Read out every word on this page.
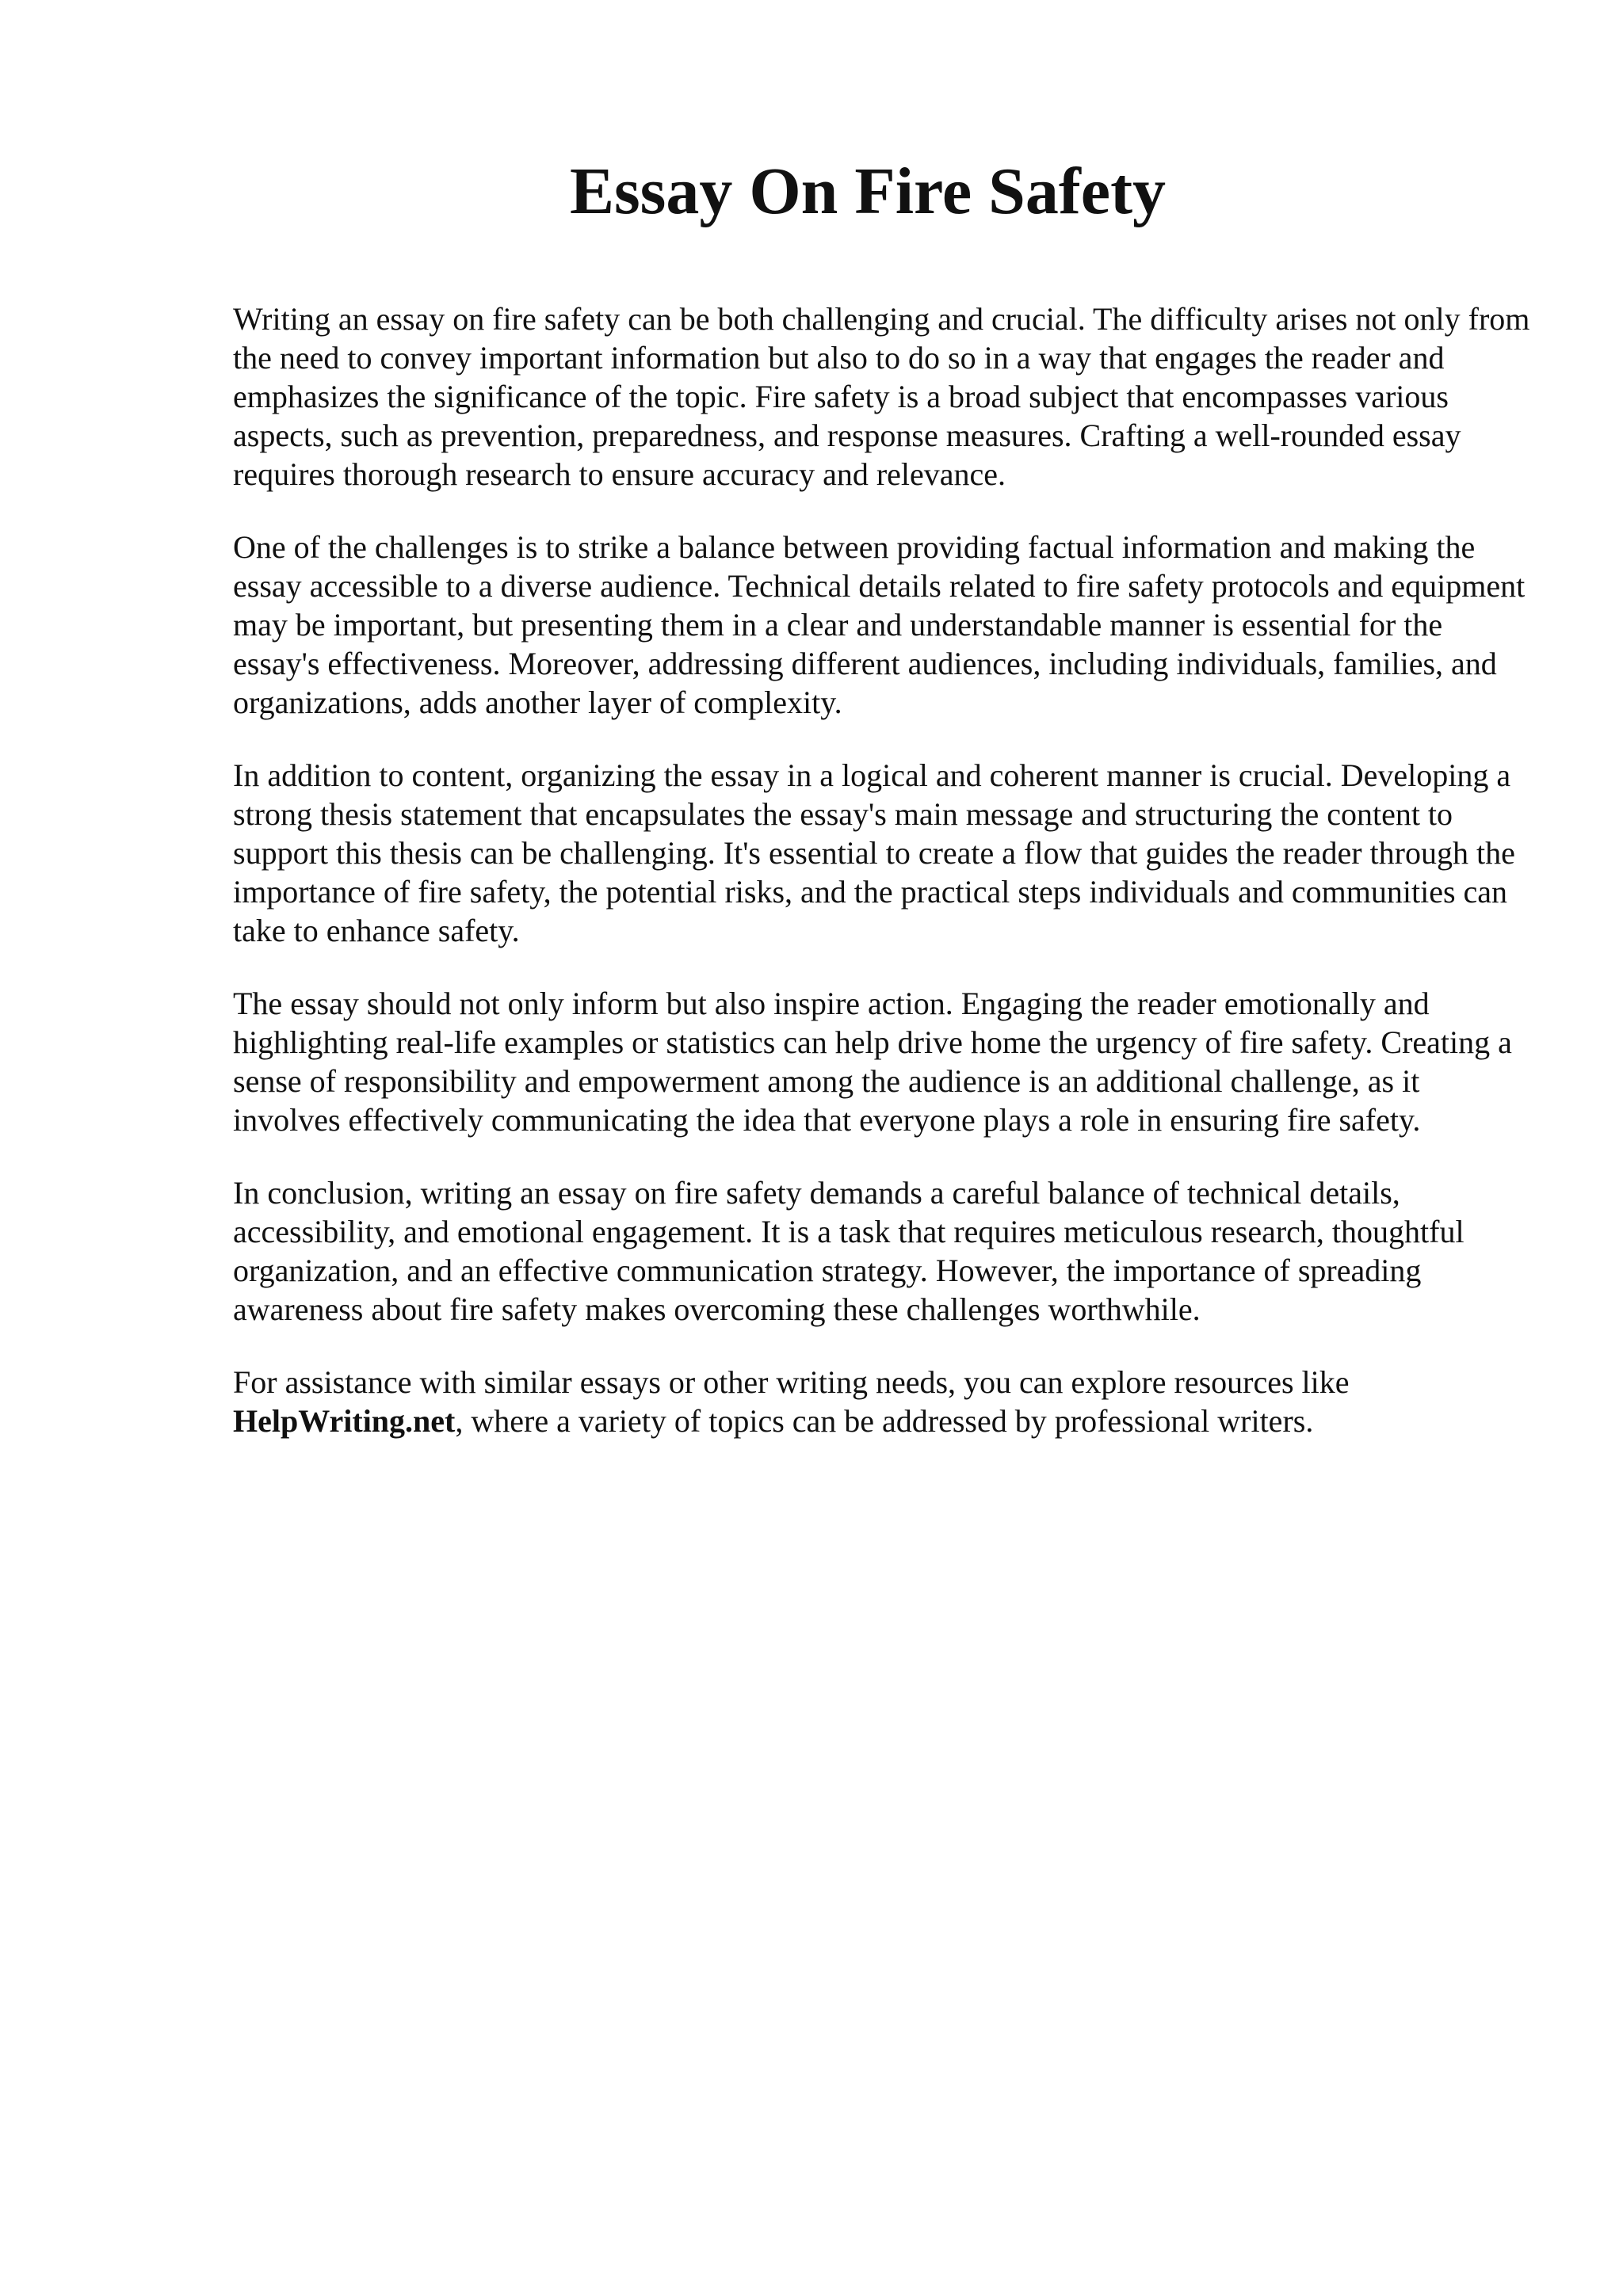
Essay On Fire Safety

Writing an essay on fire safety can be both challenging and crucial. The difficulty arises not only from the need to convey important information but also to do so in a way that engages the reader and emphasizes the significance of the topic. Fire safety is a broad subject that encompasses various aspects, such as prevention, preparedness, and response measures. Crafting a well-rounded essay requires thorough research to ensure accuracy and relevance.

One of the challenges is to strike a balance between providing factual information and making the essay accessible to a diverse audience. Technical details related to fire safety protocols and equipment may be important, but presenting them in a clear and understandable manner is essential for the essay's effectiveness. Moreover, addressing different audiences, including individuals, families, and organizations, adds another layer of complexity.

In addition to content, organizing the essay in a logical and coherent manner is crucial. Developing a strong thesis statement that encapsulates the essay's main message and structuring the content to support this thesis can be challenging. It's essential to create a flow that guides the reader through the importance of fire safety, the potential risks, and the practical steps individuals and communities can take to enhance safety.

The essay should not only inform but also inspire action. Engaging the reader emotionally and highlighting real-life examples or statistics can help drive home the urgency of fire safety. Creating a sense of responsibility and empowerment among the audience is an additional challenge, as it involves effectively communicating the idea that everyone plays a role in ensuring fire safety.

In conclusion, writing an essay on fire safety demands a careful balance of technical details, accessibility, and emotional engagement. It is a task that requires meticulous research, thoughtful organization, and an effective communication strategy. However, the importance of spreading awareness about fire safety makes overcoming these challenges worthwhile.

For assistance with similar essays or other writing needs, you can explore resources like HelpWriting.net, where a variety of topics can be addressed by professional writers.
